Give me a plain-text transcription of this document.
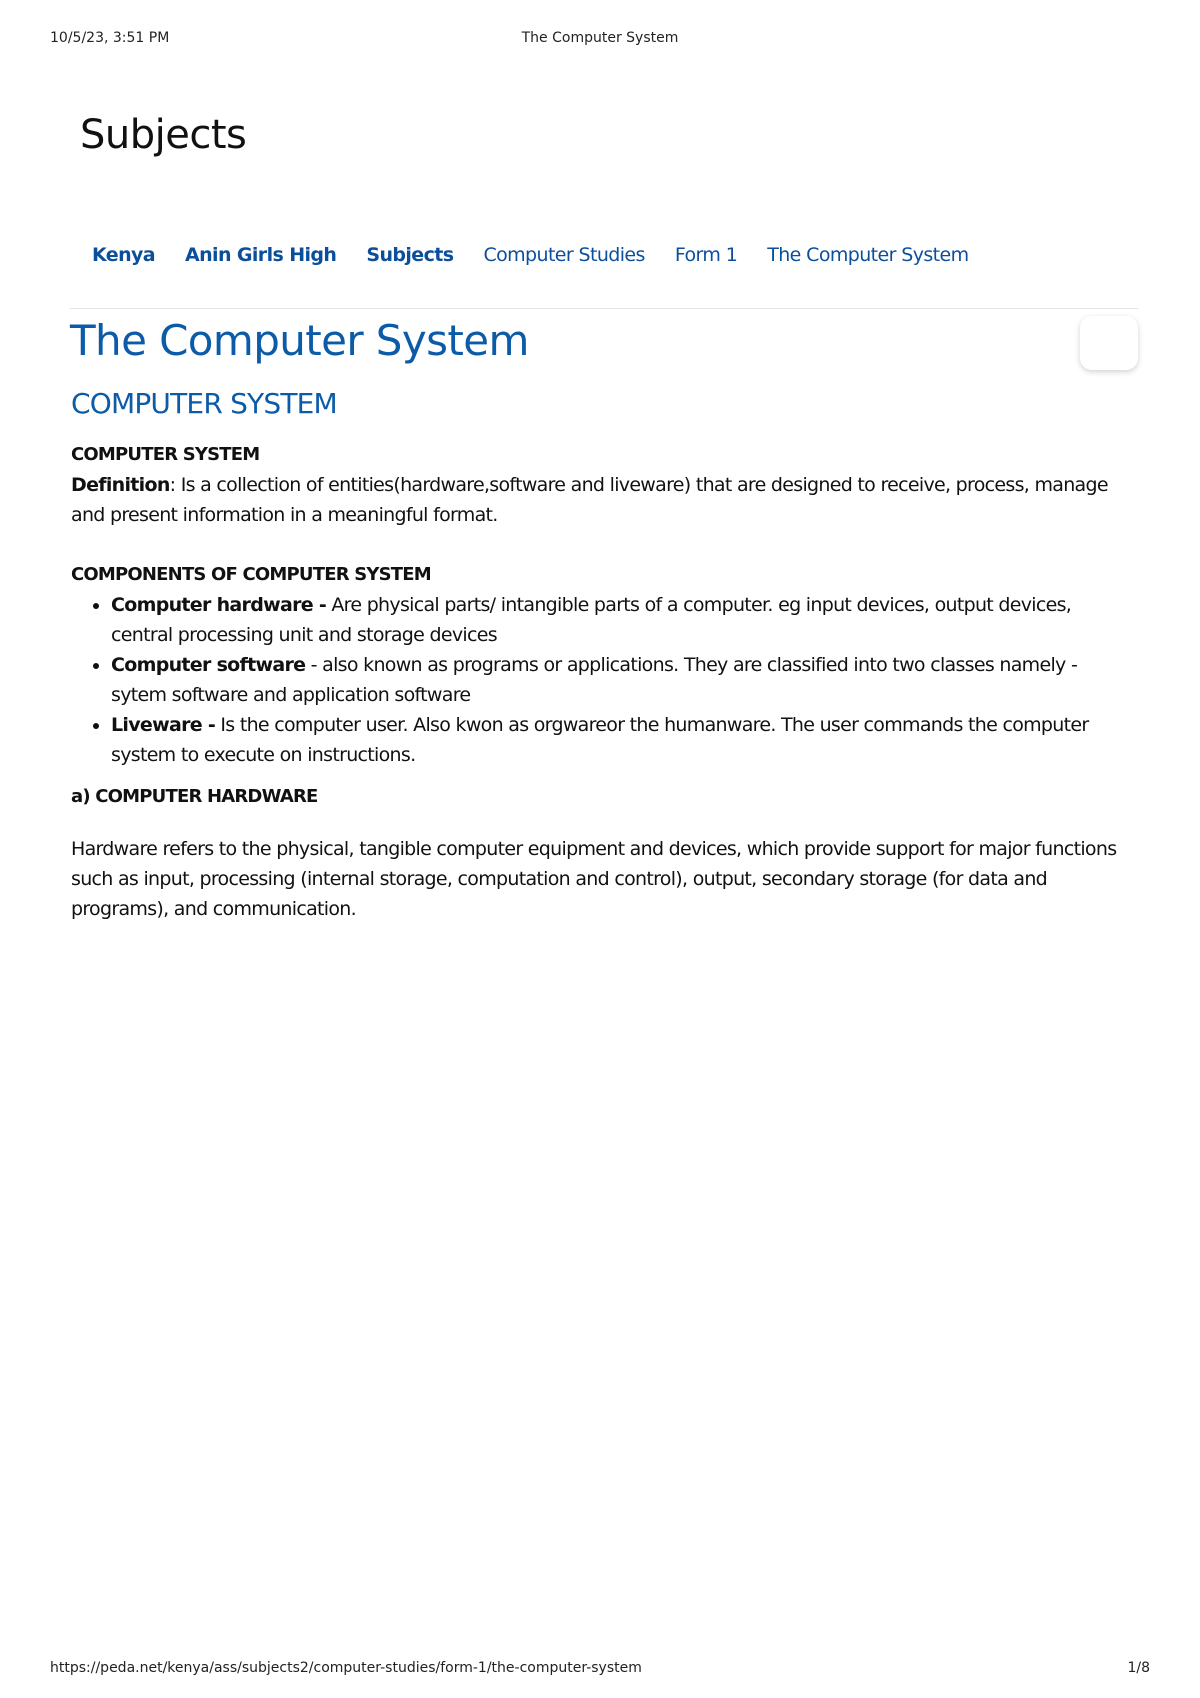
10/5/23, 3:51 PM	The Computer System
Subjects
Kenya Anin Girls High Subjects Computer Studies Form 1 The Computer System
The Computer System
COMPUTER SYSTEM

COMPUTER SYSTEM

Definition: Is a collection of entities(hardware,software and liveware) that are designed to receive, process, manage and present information in a meaningful format.

COMPONENTS OF COMPUTER SYSTEM

• Computer hardware - Are physical parts/ intangible parts of a computer. eg input devices, output devices, central processing unit and storage devices
• Computer software - also known as programs or applications. They are classified into two classes namely - sytem software and application software
• Liveware - Is the computer user. Also kwon as orgwareor the humanware. The user commands the computer system to execute on instructions.

a) COMPUTER HARDWARE

Hardware refers to the physical, tangible computer equipment and devices, which provide support for major functions such as input, processing (internal storage, computation and control), output, secondary storage (for data and programs), and communication.

https://peda.net/kenya/ass/subjects2/computer-studies/form-1/the-computer-system	1/8
